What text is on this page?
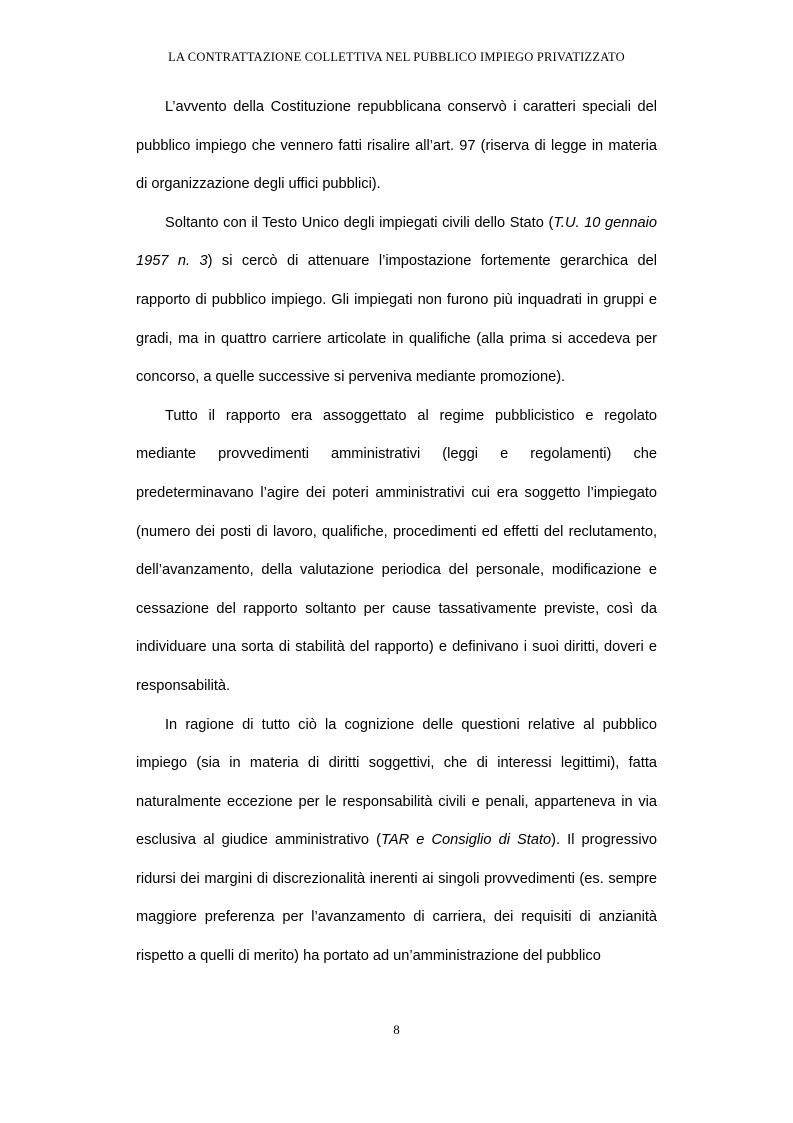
LA CONTRATTAZIONE COLLETTIVA NEL PUBBLICO IMPIEGO PRIVATIZZATO

L’avvento della Costituzione repubblicana conservò i caratteri speciali del pubblico impiego che vennero fatti risalire all’art. 97 (riserva di legge in materia di organizzazione degli uffici pubblici).

Soltanto con il Testo Unico degli impiegati civili dello Stato (T.U. 10 gennaio 1957 n. 3) si cercò di attenuare l’impostazione fortemente gerarchica del rapporto di pubblico impiego. Gli impiegati non furono più inquadrati in gruppi e gradi, ma in quattro carriere articolate in qualifiche (alla prima si accedeva per concorso, a quelle successive si perveniva mediante promozione).

Tutto il rapporto era assoggettato al regime pubblicistico e regolato mediante provvedimenti amministrativi (leggi e regolamenti) che predeterminavano l’agire dei poteri amministrativi cui era soggetto l’impiegato (numero dei posti di lavoro, qualifiche, procedimenti ed effetti del reclutamento, dell’avanzamento, della valutazione periodica del personale, modificazione e cessazione del rapporto soltanto per cause tassativamente previste, così da individuare una sorta di stabilità del rapporto) e definivano i suoi diritti, doveri e responsabilità.

In ragione di tutto ciò la cognizione delle questioni relative al pubblico impiego (sia in materia di diritti soggettivi, che di interessi legittimi), fatta naturalmente eccezione per le responsabilità civili e penali, apparteneva in via esclusiva al giudice amministrativo (TAR e Consiglio di Stato). Il progressivo ridursi dei margini di discrezionalità inerenti ai singoli provvedimenti (es. sempre maggiore preferenza per l’avanzamento di carriera, dei requisiti di anzianità rispetto a quelli di merito) ha portato ad un’amministrazione del pubblico

8
